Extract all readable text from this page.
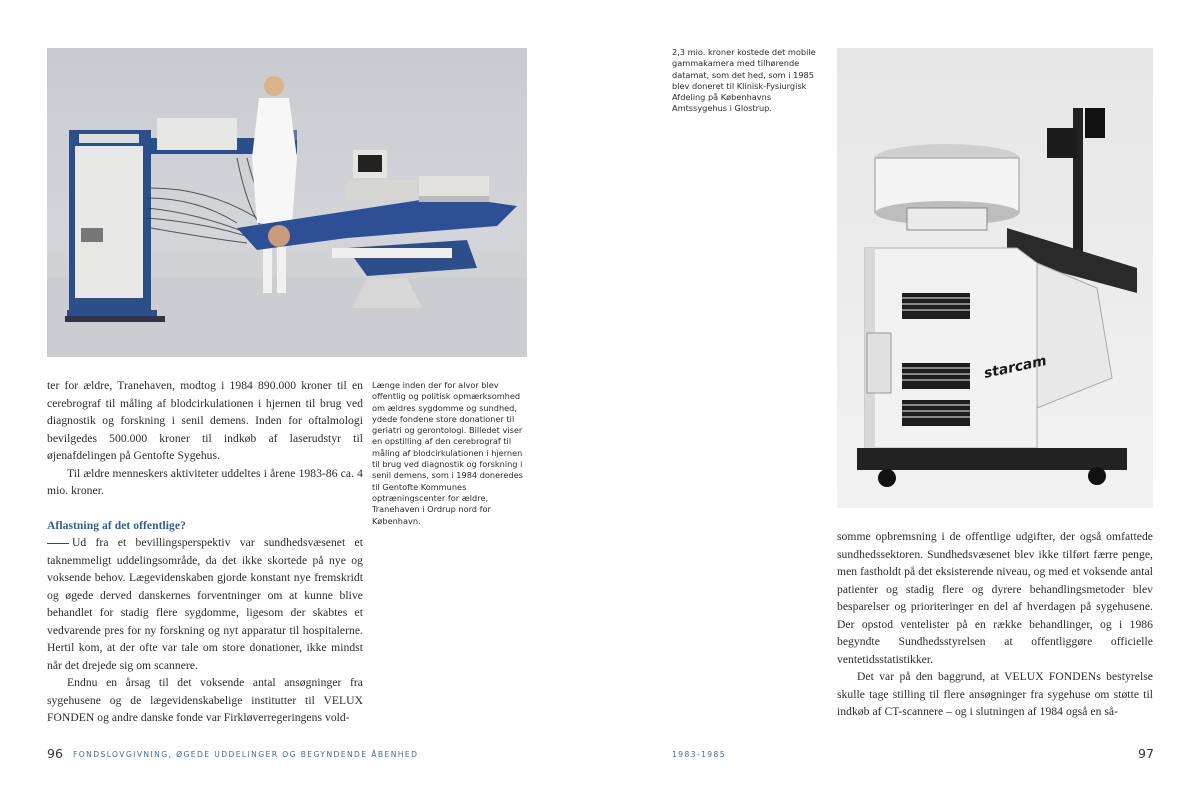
starcam

ter for ældre, Tranehaven, modtog i 1984 890.000 kroner til en cerebrograf til måling af blodcirkulationen i hjernen til brug ved diagnostik og forskning i senil demens. Inden for oftalmologi bevilgedes 500.000 kroner til indkøb af laserudstyr til øjenafdelingen på Gentofte Sygehus.

Til ældre menneskers aktiviteter uddeltes i årene 1983-86 ca. 4 mio. kroner.

Aflastning af det offentlige?

Ud fra et bevillingsperspektiv var sundhedsvæsenet et taknemmeligt uddelingsområde, da det ikke skortede på nye og voksende behov. Lægevidenskaben gjorde konstant nye fremskridt og øgede derved danskernes forventninger om at kunne blive behandlet for stadig flere sygdomme, ligesom der skabtes et vedvarende pres for ny forskning og nyt apparatur til hospitalerne. Hertil kom, at der ofte var tale om store donationer, ikke mindst når det drejede sig om scannere.

Endnu en årsag til det voksende antal ansøgninger fra sygehusene og de lægevidenskabelige institutter til VELUX FONDEN og andre danske fonde var Firkløverregeringens vold-

Længe inden der for alvor blev offentlig og politisk opmærksomhed om ældres sygdomme og sundhed, ydede fondene store donationer til geriatri og gerontologi. Billedet viser en opstilling af den cerebrograf til måling af blodcirkulationen i hjernen til brug ved diagnostik og forskning i senil demens, som i 1984 doneredes til Gentofte Kommunes optræningscenter for ældre, Tranehaven i Ordrup nord for København.
2,3 mio. kroner kostede det mobile gammakamera med tilhørende datamat, som det hed, som i 1985 blev doneret til Klinisk-Fysiurgisk Afdeling på Københavns Amtssygehus i Glostrup.

somme opbremsning i de offentlige udgifter, der også omfattede sundhedssektoren. Sundhedsvæsenet blev ikke tilført færre penge, men fastholdt på det eksisterende niveau, og med et voksende antal patienter og stadig flere og dyrere behandlingsmetoder blev besparelser og prioriteringer en del af hverdagen på sygehusene. Der opstod ventelister på en række behandlinger, og i 1986 begyndte Sundhedsstyrelsen at offentliggøre officielle ventetidsstatistikker.

Det var på den baggrund, at VELUX FONDENs bestyrelse skulle tage stilling til flere ansøgninger fra sygehuse om støtte til indkøb af CT-scannere – og i slutningen af 1984 også en så-

96 FONDSLOVGIVNING, ØGEDE UDDELINGER OG BEGYNDENDE ÅBENHED	1983-1985	97
